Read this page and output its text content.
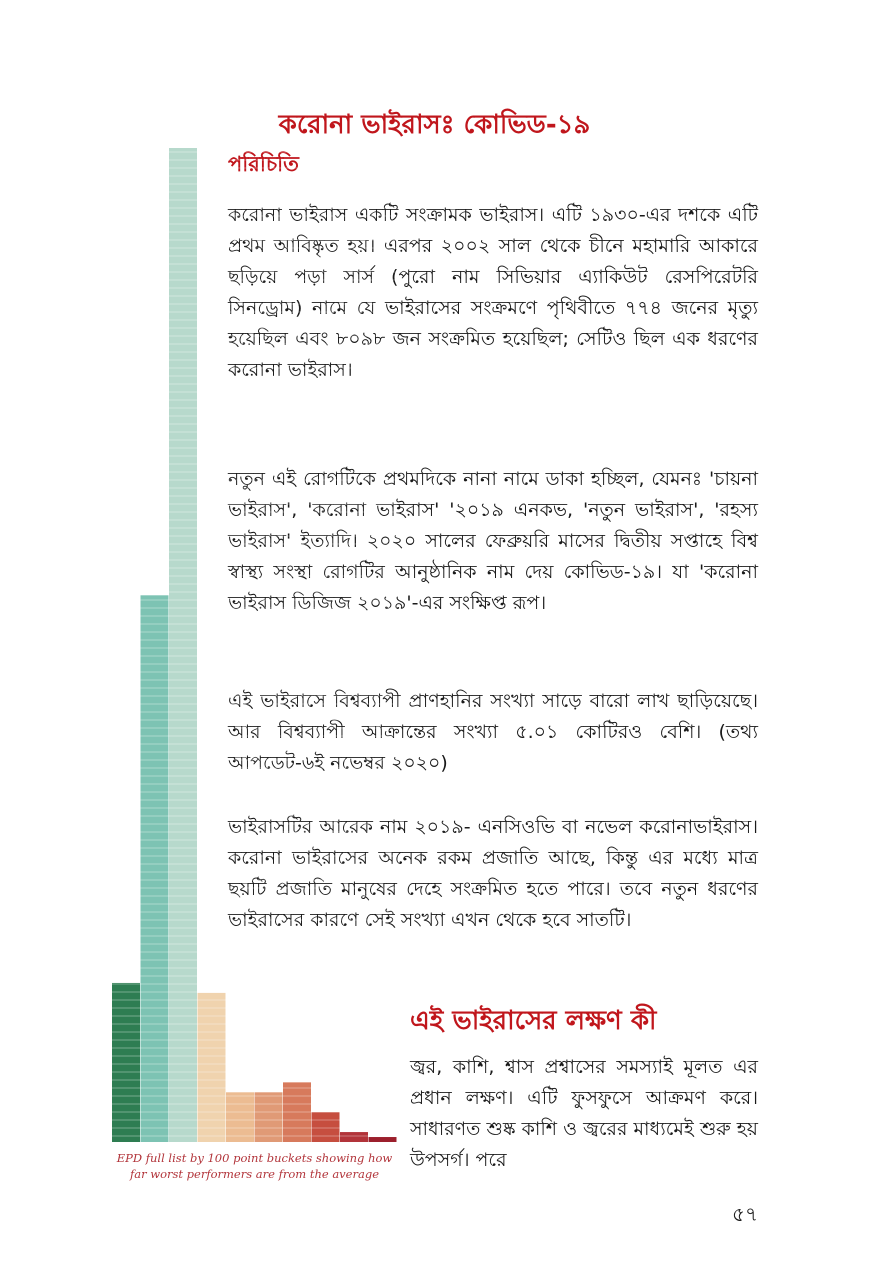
করোনা ভাইরাসঃ কোভিড-১৯
পরিচিতি

করোনা ভাইরাস একটি সংক্রামক ভাইরাস। এটি ১৯৩০-এর দশকে এটি প্রথম আবিষ্কৃত হয়। এরপর ২০০২ সাল থেকে চীনে মহামারি আকারে ছড়িয়ে পড়া সার্স (পুরো নাম সিভিয়ার এ্যাকিউট রেসপিরেটরি সিনড্রোম) নামে যে ভাইরাসের সংক্রমণে পৃথিবীতে ৭৭৪ জনের মৃত্যু হয়েছিল এবং ৮০৯৮ জন সংক্রমিত হয়েছিল; সেটিও ছিল এক ধরণের করোনা ভাইরাস।

নতুন এই রোগটিকে প্রথমদিকে নানা নামে ডাকা হচ্ছিল, যেমনঃ 'চায়না ভাইরাস', 'করোনা ভাইরাস' '২০১৯ এনকভ, 'নতুন ভাইরাস', 'রহস্য ভাইরাস' ইত্যাদি। ২০২০ সালের ফেব্রুয়রি মাসের দ্বিতীয় সপ্তাহে বিশ্ব স্বাস্থ্য সংস্থা রোগটির আনুষ্ঠানিক নাম দেয় কোভিড-১৯। যা 'করোনা ভাইরাস ডিজিজ ২০১৯'-এর সংক্ষিপ্ত রূপ।

এই ভাইরাসে বিশ্বব্যাপী প্রাণহানির সংখ্যা সাড়ে বারো লাখ ছাড়িয়েছে। আর বিশ্বব্যাপী আক্রান্তের সংখ্যা ৫.০১ কোটিরও বেশি। (তথ্য আপডেট-৬ই নভেম্বর ২০২০)

ভাইরাসটির আরেক নাম ২০১৯- এনসিওভি বা নভেল করোনাভাইরাস। করোনা ভাইরাসের অনেক রকম প্রজাতি আছে, কিন্তু এর মধ্যে মাত্র ছয়টি প্রজাতি মানুষের দেহে সংক্রমিত হতে পারে। তবে নতুন ধরণের ভাইরাসের কারণে সেই সংখ্যা এখন থেকে হবে সাতটি।

এই ভাইরাসের লক্ষণ কী

জ্বর, কাশি, শ্বাস প্রশ্বাসের সমস্যাই মূলত এর প্রধান লক্ষণ। এটি ফুসফুসে আক্রমণ করে। সাধারণত শুষ্ক কাশি ও জ্বরের মাধ্যমেই শুরু হয় উপসর্গ। পরে

EPD full list by 100 point buckets showing how far worst performers are from the average

৫৭
